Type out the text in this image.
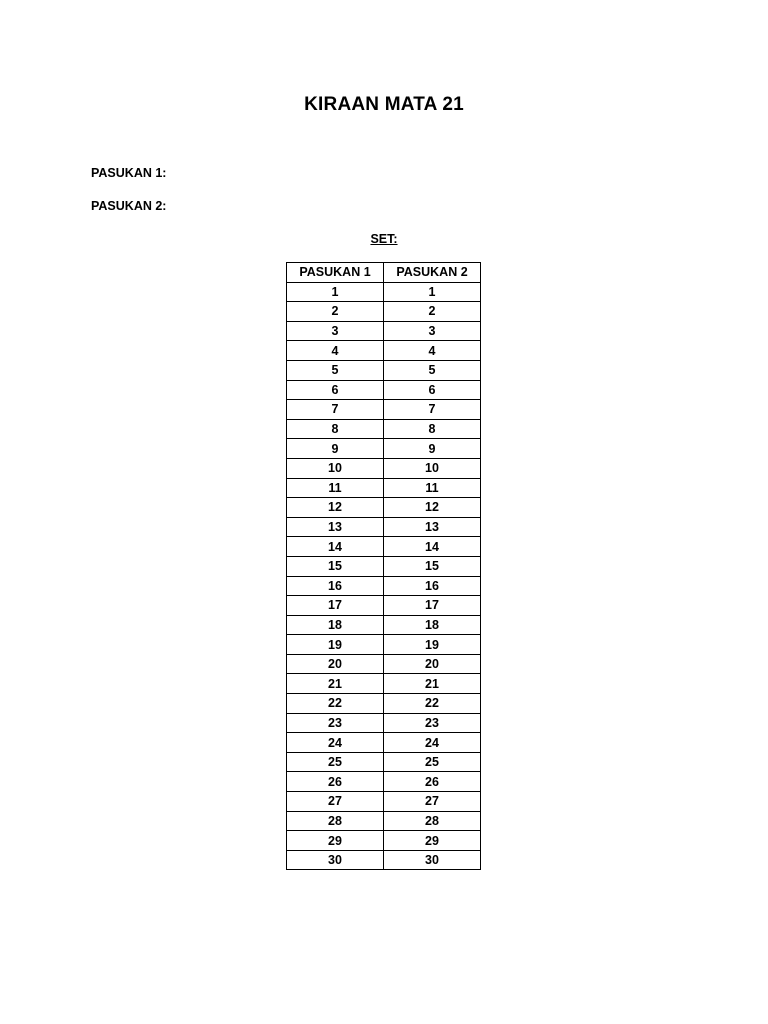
KIRAAN MATA 21
PASUKAN 1:
PASUKAN 2:
SET:
PASUKAN 1	PASUKAN 2
1	1
2	2
3	3
4	4
5	5
6	6
7	7
8	8
9	9
10	10
11	11
12	12
13	13
14	14
15	15
16	16
17	17
18	18
19	19
20	20
21	21
22	22
23	23
24	24
25	25
26	26
27	27
28	28
29	29
30	30
